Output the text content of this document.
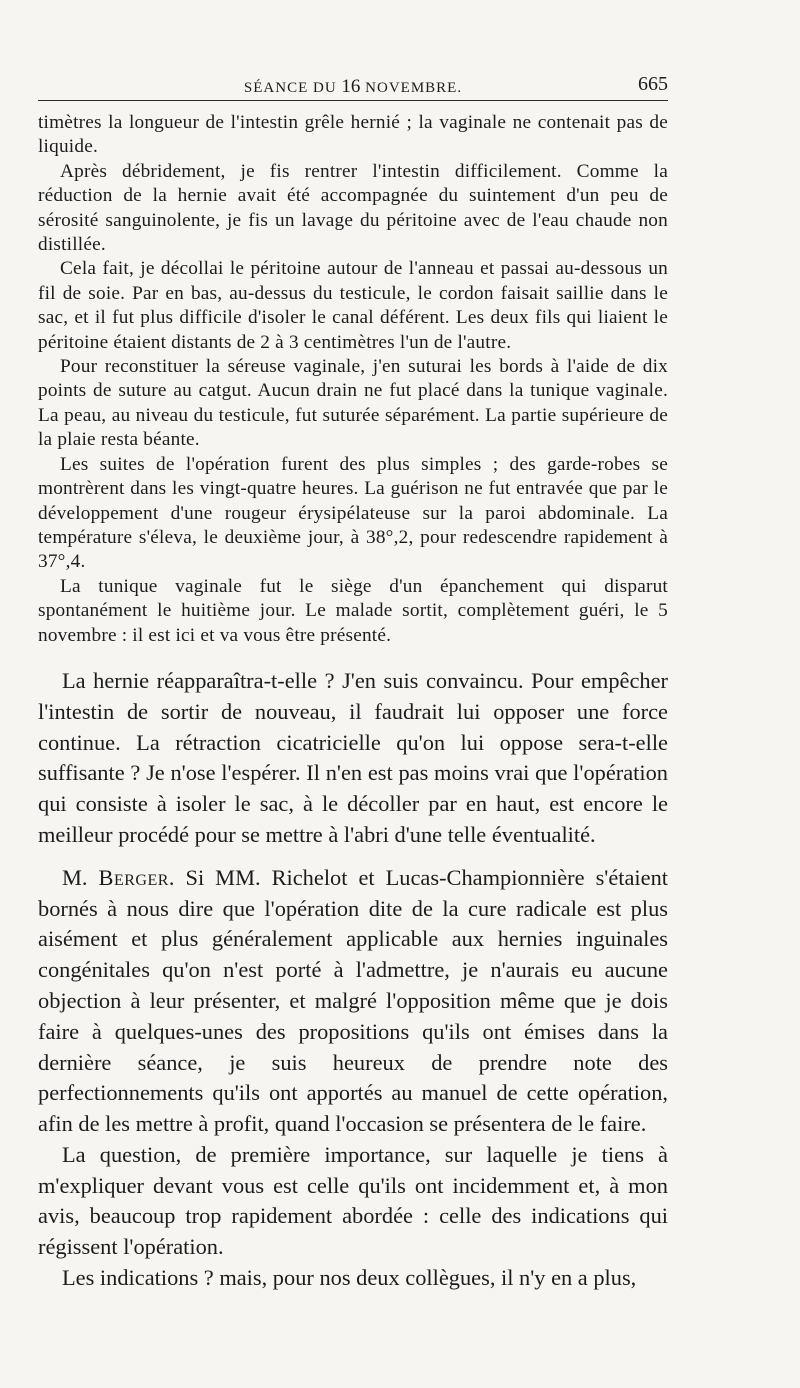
SÉANCE DU 16 NOVEMBRE.	665

timètres la longueur de l'intestin grêle hernié ; la vaginale ne contenait pas de liquide.

Après débridement, je fis rentrer l'intestin difficilement. Comme la réduction de la hernie avait été accompagnée du suintement d'un peu de sérosité sanguinolente, je fis un lavage du péritoine avec de l'eau chaude non distillée.

Cela fait, je décollai le péritoine autour de l'anneau et passai au-dessous un fil de soie. Par en bas, au-dessus du testicule, le cordon faisait saillie dans le sac, et il fut plus difficile d'isoler le canal déférent. Les deux fils qui liaient le péritoine étaient distants de 2 à 3 centimètres l'un de l'autre.

Pour reconstituer la séreuse vaginale, j'en suturai les bords à l'aide de dix points de suture au catgut. Aucun drain ne fut placé dans la tunique vaginale. La peau, au niveau du testicule, fut suturée séparément. La partie supérieure de la plaie resta béante.

Les suites de l'opération furent des plus simples ; des garde-robes se montrèrent dans les vingt-quatre heures. La guérison ne fut entravée que par le développement d'une rougeur érysipélateuse sur la paroi abdominale. La température s'éleva, le deuxième jour, à 38°,2, pour redescendre rapidement à 37°,4.

La tunique vaginale fut le siège d'un épanchement qui disparut spontanément le huitième jour. Le malade sortit, complètement guéri, le 5 novembre : il est ici et va vous être présenté.

La hernie réapparaîtra-t-elle ? J'en suis convaincu. Pour empêcher l'intestin de sortir de nouveau, il faudrait lui opposer une force continue. La rétraction cicatricielle qu'on lui oppose sera-t-elle suffisante ? Je n'ose l'espérer. Il n'en est pas moins vrai que l'opération qui consiste à isoler le sac, à le décoller par en haut, est encore le meilleur procédé pour se mettre à l'abri d'une telle éventualité.

M. Berger. Si MM. Richelot et Lucas-Championnière s'étaient bornés à nous dire que l'opération dite de la cure radicale est plus aisément et plus généralement applicable aux hernies inguinales congénitales qu'on n'est porté à l'admettre, je n'aurais eu aucune objection à leur présenter, et malgré l'opposition même que je dois faire à quelques-unes des propositions qu'ils ont émises dans la dernière séance, je suis heureux de prendre note des perfectionnements qu'ils ont apportés au manuel de cette opération, afin de les mettre à profit, quand l'occasion se présentera de le faire.

La question, de première importance, sur laquelle je tiens à m'expliquer devant vous est celle qu'ils ont incidemment et, à mon avis, beaucoup trop rapidement abordée : celle des indications qui régissent l'opération.

Les indications ? mais, pour nos deux collègues, il n'y en a plus,
